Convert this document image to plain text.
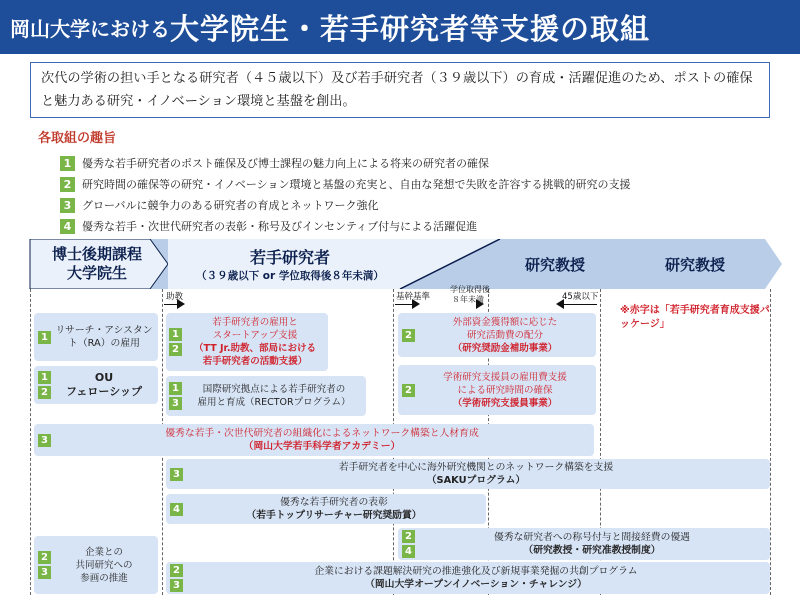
岡山大学における 大学院生・若手研究者等支援の取組
次代の学術の担い手となる研究者（４５歳以下）及び若手研究者（３９歳以下）の育成・活躍促進のため、ポストの確保と魅力ある研究・イノベーション環境と基盤を創出。
各取組の趣旨
1 優秀な若手研究者のポスト確保及び博士課程の魅力向上による将来の研究者の確保
2 研究時間の確保等の研究・イノベーション環境と基盤の充実と、自由な発想で失敗を許容する挑戦的研究の支援
3 グローバルに競争力のある研究者の育成とネットワーク強化
4 優秀な若手・次世代研究者の表彰・称号及びインセンティブ付与による活躍促進
博士後期課程
大学院生
若手研究者
（３９歳以下 or 学位取得後８年未満）
研究教授	研究教授
助教	基幹基準
学位取得後
８年未満	45歳以下
※赤字は「若手研究者育成支援パッケージ」
1
リサーチ・アシスタント（RA）の雇用
1
2
OU
フェローシップ
1
2
若手研究者の雇用と
スタートアップ支援
（TT Jr.助教、部局における
若手研究者の活動支援）
1
3
国際研究拠点による若手研究者の
雇用と育成（RECTORプログラム）
2
外部資金獲得額に応じた
研究活動費の配分
（研究奨励金補助事業）
2
学術研究支援員の雇用費支援
による研究時間の確保
（学術研究支援員事業）
3
優秀な若手・次世代研究者の組織化によるネットワーク構築と人材育成
（岡山大学若手科学者アカデミー）
3
若手研究者を中心に海外研究機関とのネットワーク構築を支援
（SAKUプログラム）
4
優秀な若手研究者の表彰
（若手トップリサーチャー研究奨励賞）
2
4
優秀な研究者への称号付与と間接経費の優遇
（研究教授・研究准教授制度）
2
3
企業との
共同研究への
参画の推進
2
3
企業における課題解決研究の推進強化及び新規事業発掘の共創プログラム
（岡山大学オープンイノベーション・チャレンジ）
